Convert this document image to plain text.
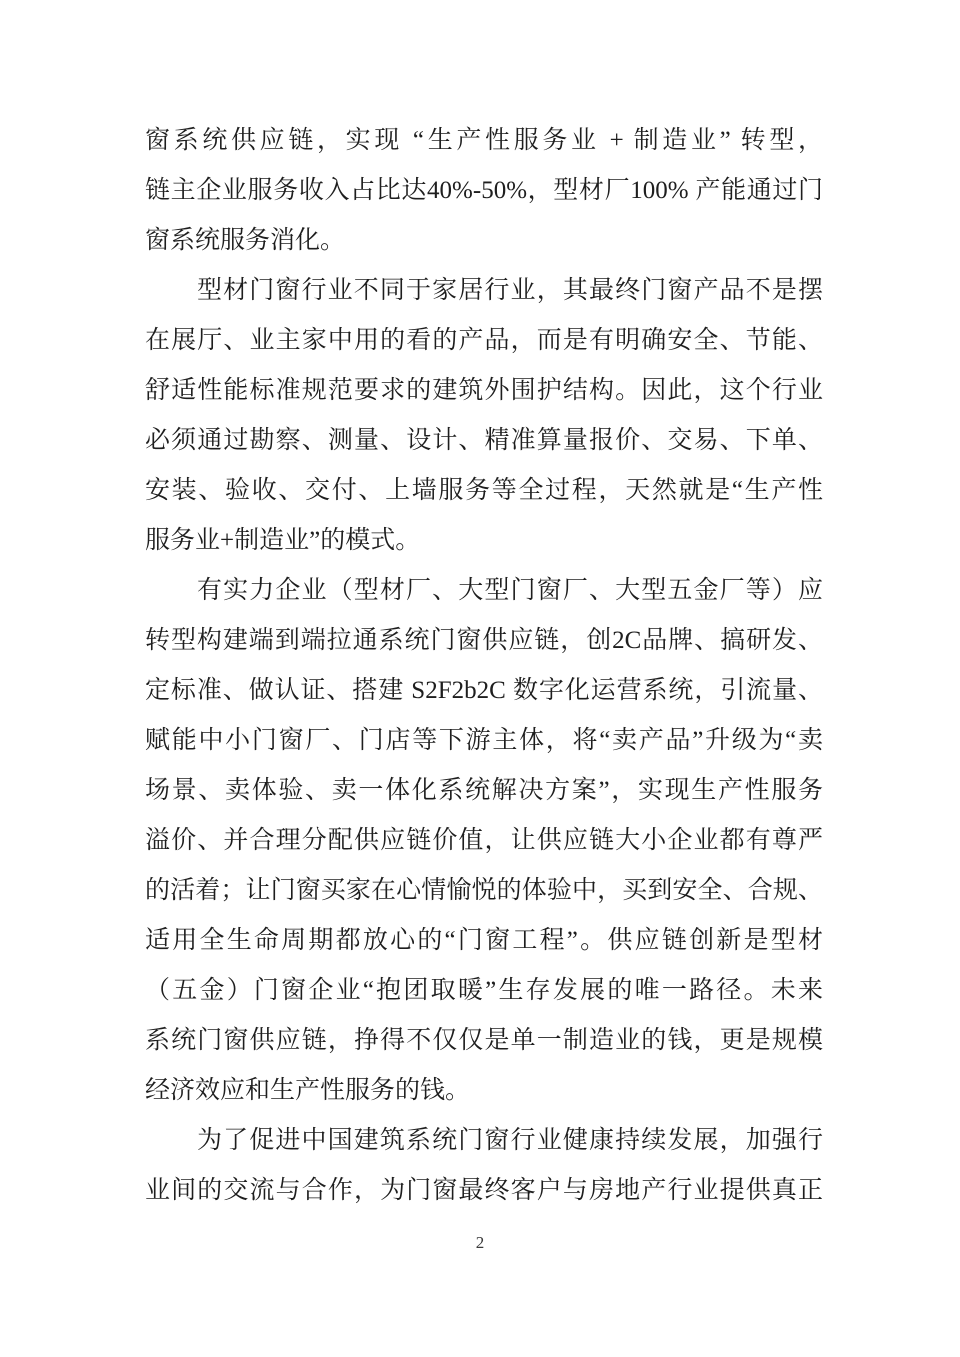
窗系统供应链，实现 “生产性服务业 + 制造业” 转型，
链主企业服务收入占比达40%-50%，型材厂100% 产能通过门
窗系统服务消化。
型材门窗行业不同于家居行业，其最终门窗产品不是摆
在展厅、业主家中用的看的产品，而是有明确安全、节能、
舒适性能标准规范要求的建筑外围护结构。因此，这个行业
必须通过勘察、测量、设计、精准算量报价、交易、下单、
安装、验收、交付、上墙服务等全过程，天然就是“生产性
服务业+制造业”的模式。
有实力企业（型材厂、大型门窗厂、大型五金厂等）应
转型构建端到端拉通系统门窗供应链，创2C品牌、搞研发、
定标准、做认证、搭建 S2F2b2C 数字化运营系统，引流量、
赋能中小门窗厂、门店等下游主体，将“卖产品”升级为“卖
场景、卖体验、卖一体化系统解决方案”，实现生产性服务
溢价、并合理分配供应链价值，让供应链大小企业都有尊严
的活着；让门窗买家在心情愉悦的体验中，买到安全、合规、
适用全生命周期都放心的“门窗工程”。供应链创新是型材
（五金）门窗企业“抱团取暖”生存发展的唯一路径。未来
系统门窗供应链，挣得不仅仅是单一制造业的钱，更是规模
经济效应和生产性服务的钱。
为了促进中国建筑系统门窗行业健康持续发展，加强行
业间的交流与合作，为门窗最终客户与房地产行业提供真正
2
